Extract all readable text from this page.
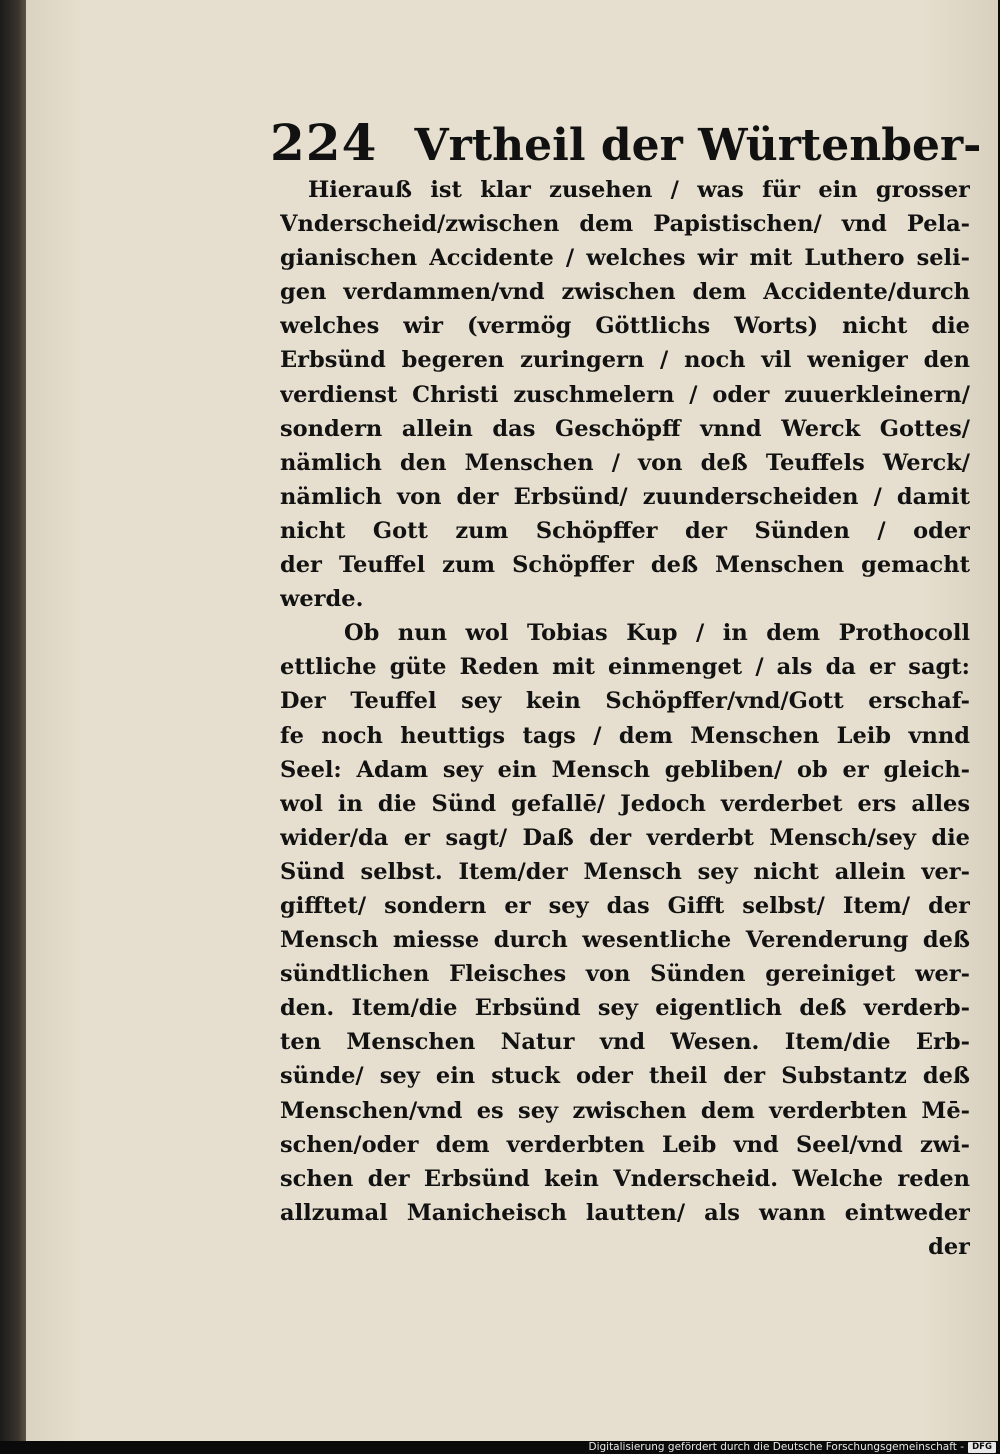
224 Vrtheil der Würtenber-
Hierauß ist klar zusehen / was für ein grosser
Vnderscheid/zwischen dem Papistischen/ vnd Pela-
gianischen Accidente / welches wir mit Luthero seli-
gen verdammen/vnd zwischen dem Accidente/durch
welches wir (vermög Göttlichs Worts) nicht die
Erbsünd begeren zuringern / noch vil weniger den
verdienst Christi zuschmelern / oder zuuerkleinern/
sondern allein das Geschöpff vnnd Werck Gottes/
nämlich den Menschen / von deß Teuffels Werck/
nämlich von der Erbsünd/ zuunderscheiden / damit
nicht Gott zum Schöpffer der Sünden / oder
der Teuffel zum Schöpffer deß Menschen gemacht
werde.
Ob nun wol Tobias Kup / in dem Prothocoll
ettliche güte Reden mit einmenget / als da er sagt:
Der Teuffel sey kein Schöpffer/vnd/Gott erschaf-
fe noch heuttigs tags / dem Menschen Leib vnnd
Seel: Adam sey ein Mensch gebliben/ ob er gleich-
wol in die Sünd gefallē/ Jedoch verderbet ers alles
wider/da er sagt/ Daß der verderbt Mensch/sey die
Sünd selbst. Item/der Mensch sey nicht allein ver-
gifftet/ sondern er sey das Gifft selbst/ Item/ der
Mensch miesse durch wesentliche Verenderung deß
sündtlichen Fleisches von Sünden gereiniget wer-
den. Item/die Erbsünd sey eigentlich deß verderb-
ten Menschen Natur vnd Wesen. Item/die Erb-
sünde/ sey ein stuck oder theil der Substantz deß
Menschen/vnd es sey zwischen dem verderbten Mē-
schen/oder dem verderbten Leib vnd Seel/vnd zwi-
schen der Erbsünd kein Vnderscheid. Welche reden
allzumal Manicheisch lautten/ als wann eintweder
der
Digitalisierung gefördert durch die Deutsche Forschungsgemeinschaft - DFG
